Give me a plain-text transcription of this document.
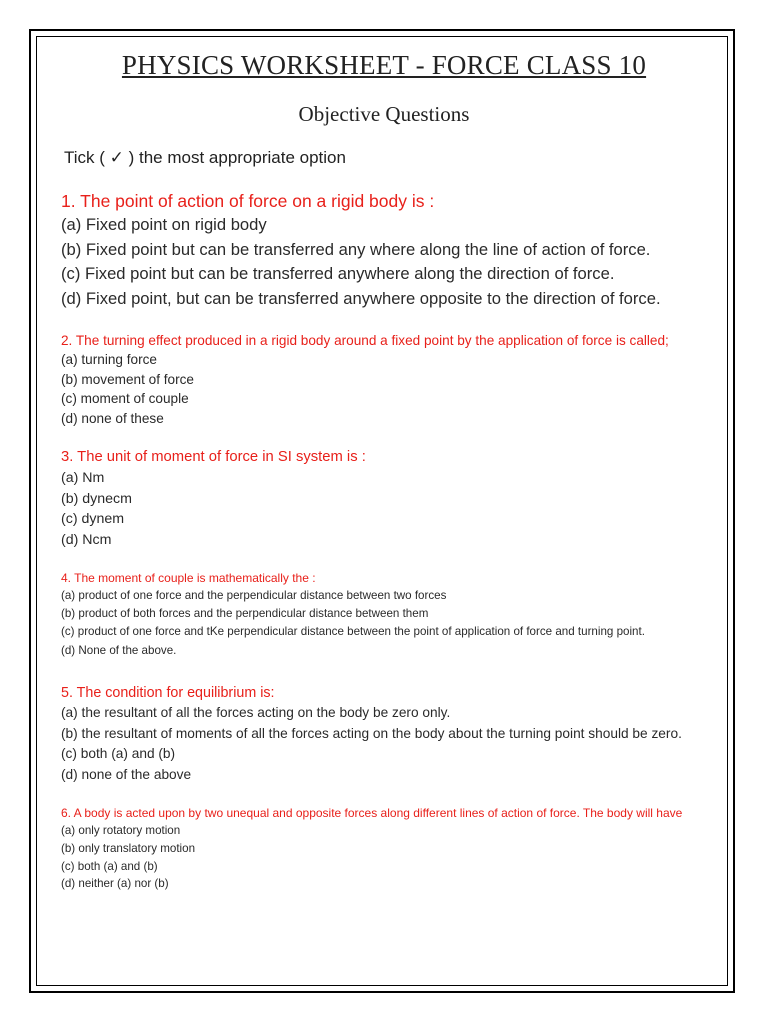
PHYSICS WORKSHEET - FORCE CLASS 10
Objective Questions
Tick ( ✓ ) the most appropriate option
1. The point of action of force on a rigid body is :
(a) Fixed point on rigid body
(b) Fixed point but can be transferred any where along the line of action of force.
(c) Fixed point but can be transferred anywhere along the direction of force.
(d) Fixed point, but can be transferred anywhere opposite to the direction of force.
2. The turning effect produced in a rigid body around a fixed point by the application of force is called;
(a) turning force
(b) movement of force
(c) moment of couple
(d) none of these
3. The unit of moment of force in SI system is :
(a) Nm
(b) dynecm
(c) dynem
(d) Ncm
4. The moment of couple is mathematically the :
(a) product of one force and the perpendicular distance between two forces
(b) product of both forces and the perpendicular distance between them
(c) product of one force and tKe perpendicular distance between the point of application of force and turning point.
(d) None of the above.
5. The condition for equilibrium is:
(a) the resultant of all the forces acting on the body be zero only.
(b) the resultant of moments of all the forces acting on the body about the turning point should be zero.
(c) both (a) and (b)
(d) none of the above
6. A body is acted upon by two unequal and opposite forces along different lines of action of force. The body will have
(a) only rotatory motion
(b) only translatory motion
(c) both (a) and (b)
(d) neither (a) nor (b)
